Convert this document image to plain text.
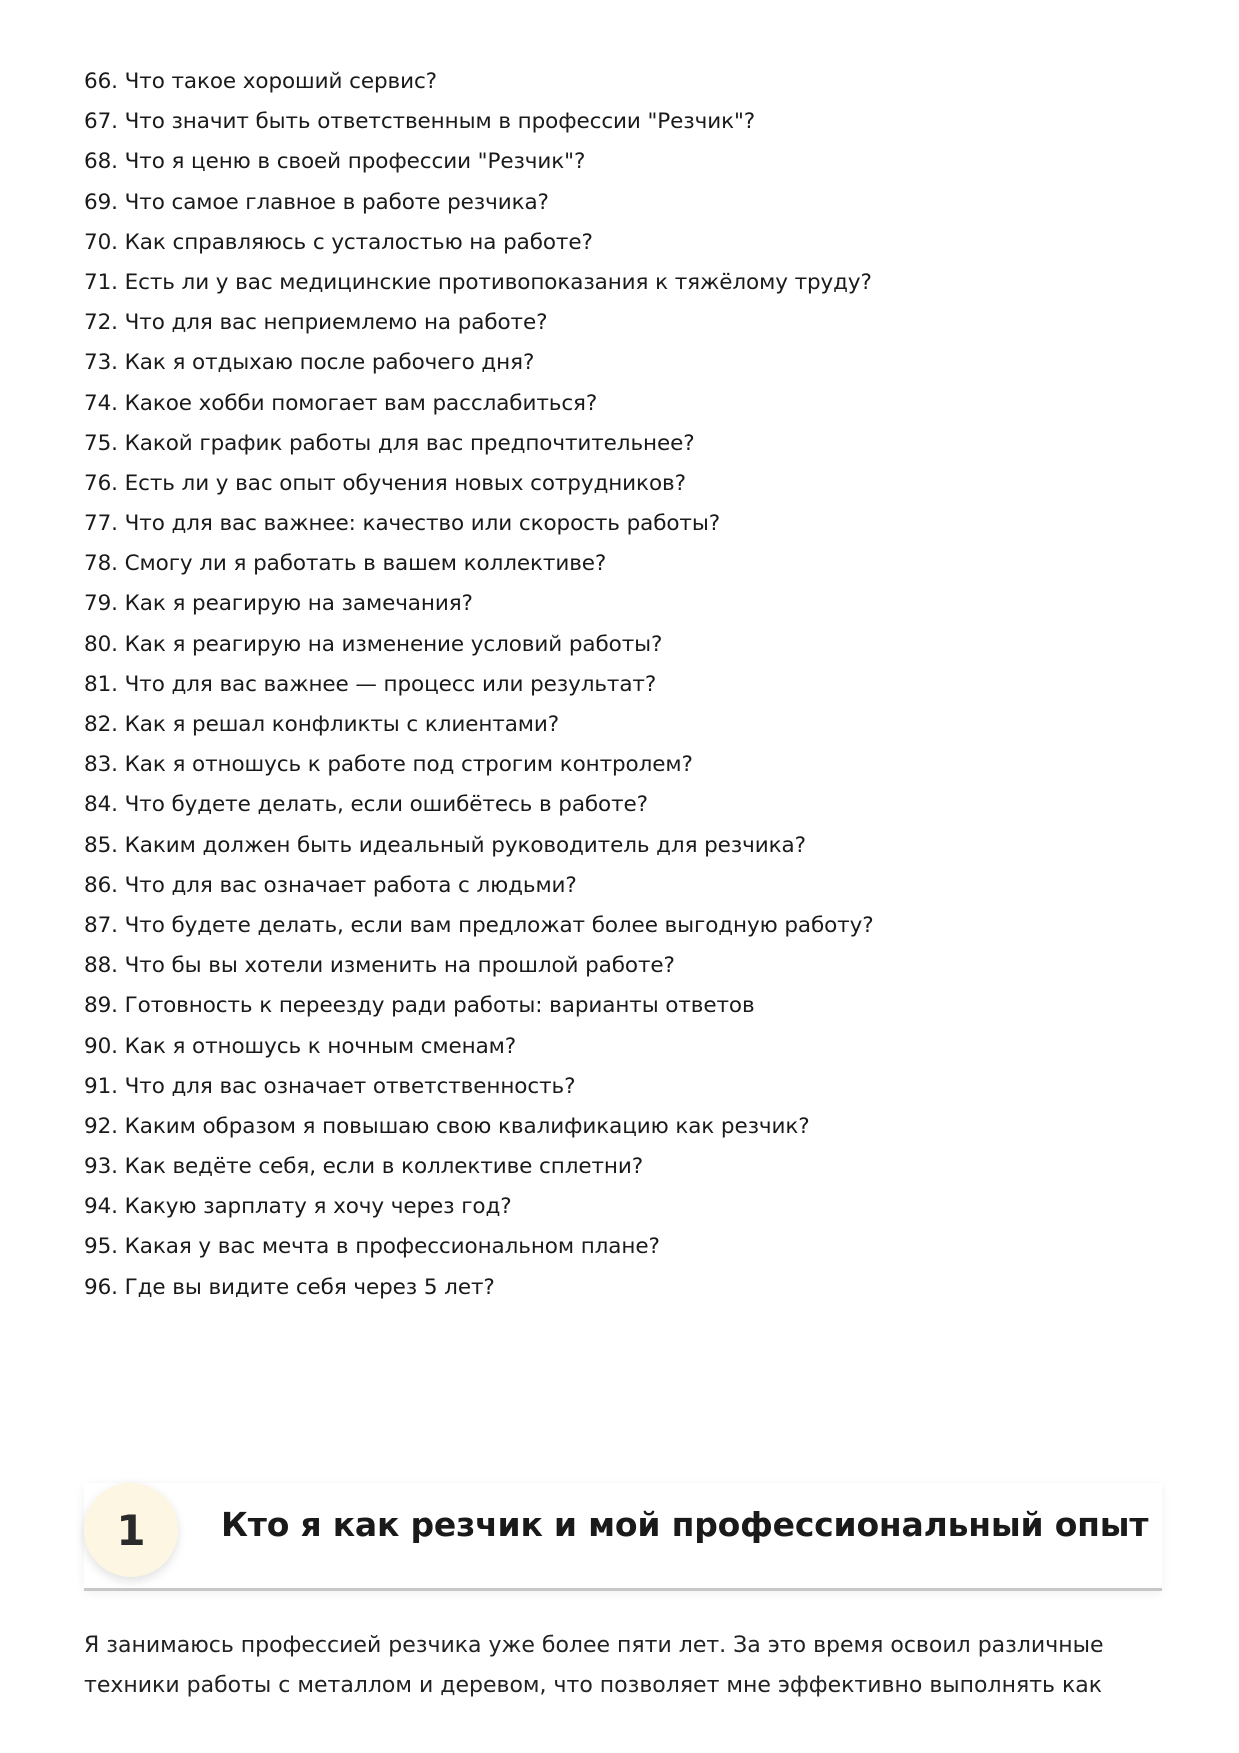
66. Что такое хороший сервис?
67. Что значит быть ответственным в профессии "Резчик"?
68. Что я ценю в своей профессии "Резчик"?
69. Что самое главное в работе резчика?
70. Как справляюсь с усталостью на работе?
71. Есть ли у вас медицинские противопоказания к тяжёлому труду?
72. Что для вас неприемлемо на работе?
73. Как я отдыхаю после рабочего дня?
74. Какое хобби помогает вам расслабиться?
75. Какой график работы для вас предпочтительнее?
76. Есть ли у вас опыт обучения новых сотрудников?
77. Что для вас важнее: качество или скорость работы?
78. Смогу ли я работать в вашем коллективе?
79. Как я реагирую на замечания?
80. Как я реагирую на изменение условий работы?
81. Что для вас важнее — процесс или результат?
82. Как я решал конфликты с клиентами?
83. Как я отношусь к работе под строгим контролем?
84. Что будете делать, если ошибётесь в работе?
85. Каким должен быть идеальный руководитель для резчика?
86. Что для вас означает работа с людьми?
87. Что будете делать, если вам предложат более выгодную работу?
88. Что бы вы хотели изменить на прошлой работе?
89. Готовность к переезду ради работы: варианты ответов
90. Как я отношусь к ночным сменам?
91. Что для вас означает ответственность?
92. Каким образом я повышаю свою квалификацию как резчик?
93. Как ведёте себя, если в коллективе сплетни?
94. Какую зарплату я хочу через год?
95. Какая у вас мечта в профессиональном плане?
96. Где вы видите себя через 5 лет?
1	Кто я как резчик и мой профессиональный опыт

Я занимаюсь профессией резчика уже более пяти лет. За это время освоил различные техники работы с металлом и деревом, что позволяет мне эффективно выполнять как
